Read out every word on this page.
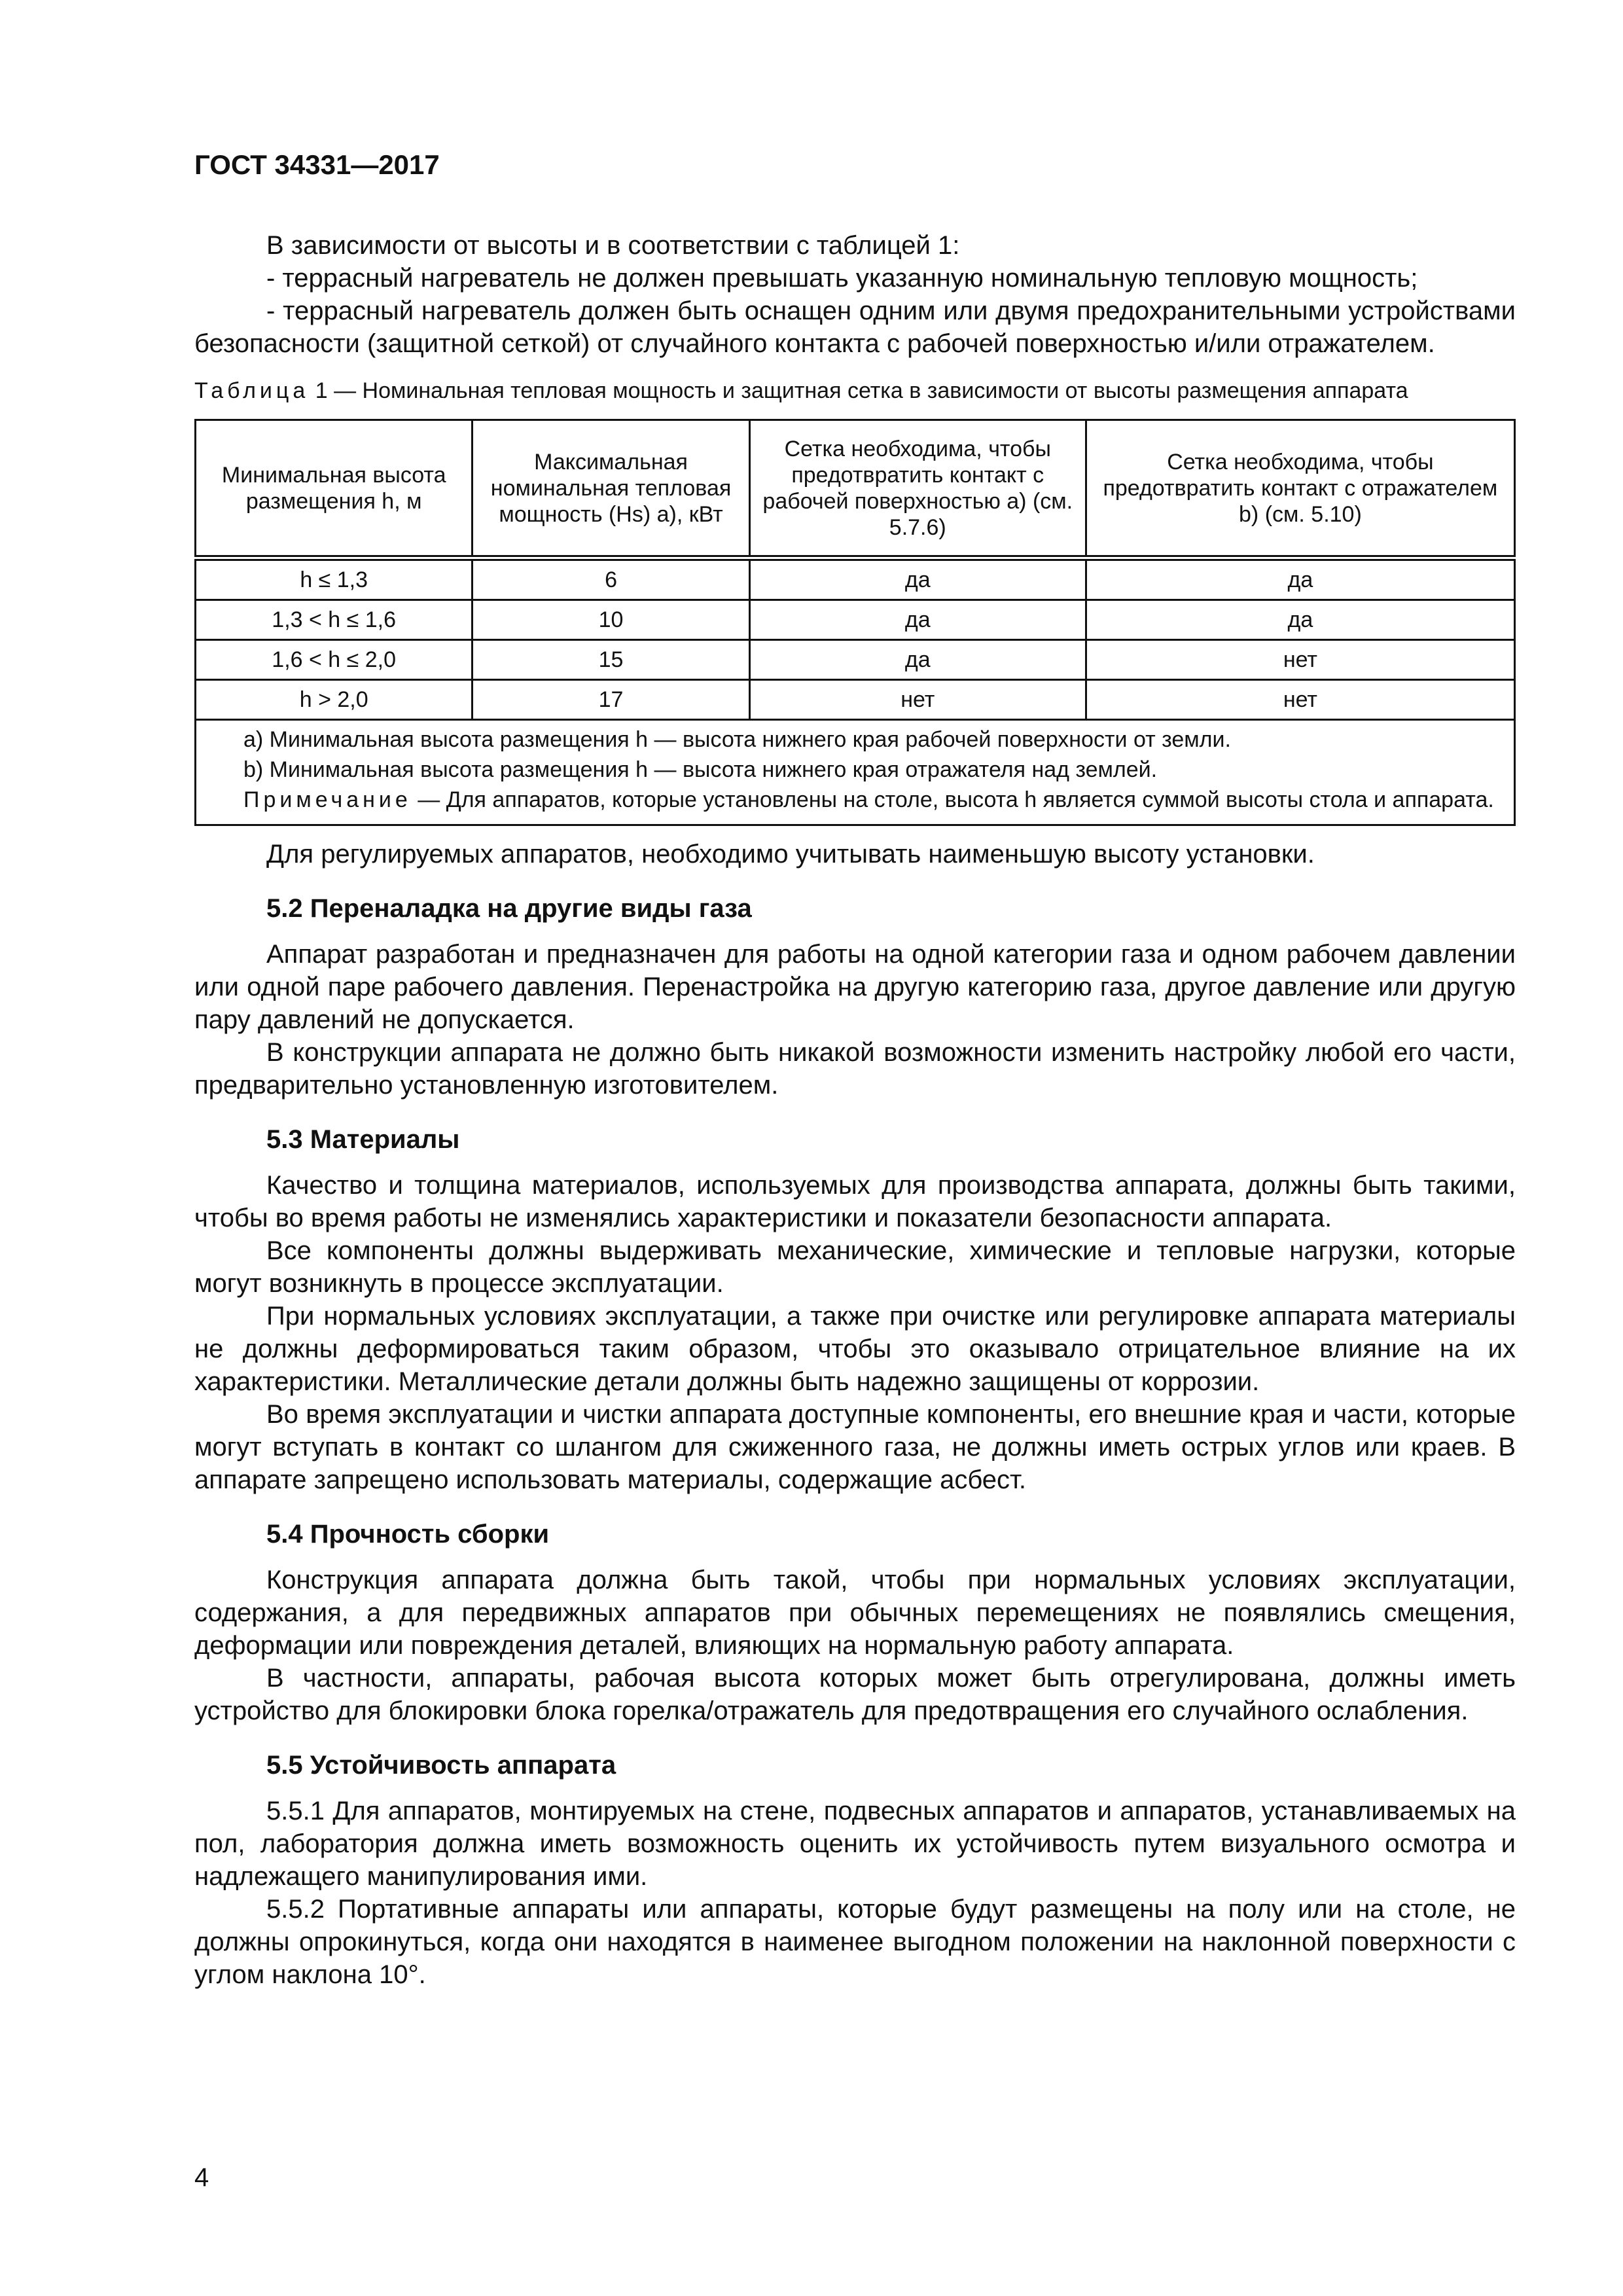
ГОСТ 34331—2017

В зависимости от высоты и в соответствии с таблицей 1:

- террасный нагреватель не должен превышать указанную номинальную тепловую мощность;

- террасный нагреватель должен быть оснащен одним или двумя предохранительными устройствами безопасности (защитной сеткой) от случайного контакта с рабочей поверхностью и/или отражателем.

Таблица 1 — Номинальная тепловая мощность и защитная сетка в зависимости от высоты размещения аппарата

Минимальная высота размещения h, м	Максимальная номинальная тепловая мощность (Hs) a), кВт	Сетка необходима, чтобы предотвратить контакт с рабочей поверхностью a) (см. 5.7.6)	Сетка необходима, чтобы предотвратить контакт с отражателем b) (см. 5.10)
h ≤ 1,3	6	да	да
1,3 < h ≤ 1,6	10	да	да
1,6 < h ≤ 2,0	15	да	нет
h > 2,0	17	нет	нет

a) Минимальная высота размещения h — высота нижнего края рабочей поверхности от земли.
b) Минимальная высота размещения h — высота нижнего края отражателя над землей.
Примечание — Для аппаратов, которые установлены на столе, высота h является суммой высоты стола и аппарата.			

Для регулируемых аппаратов, необходимо учитывать наименьшую высоту установки.

5.2 Переналадка на другие виды газа

Аппарат разработан и предназначен для работы на одной категории газа и одном рабочем давлении или одной паре рабочего давления. Перенастройка на другую категорию газа, другое давление или другую пару давлений не допускается.

В конструкции аппарата не должно быть никакой возможности изменить настройку любой его части, предварительно установленную изготовителем.

5.3 Материалы

Качество и толщина материалов, используемых для производства аппарата, должны быть такими, чтобы во время работы не изменялись характеристики и показатели безопасности аппарата.

Все компоненты должны выдерживать механические, химические и тепловые нагрузки, которые могут возникнуть в процессе эксплуатации.

При нормальных условиях эксплуатации, а также при очистке или регулировке аппарата материалы не должны деформироваться таким образом, чтобы это оказывало отрицательное влияние на их характеристики. Металлические детали должны быть надежно защищены от коррозии.

Во время эксплуатации и чистки аппарата доступные компоненты, его внешние края и части, которые могут вступать в контакт со шлангом для сжиженного газа, не должны иметь острых углов или краев. В аппарате запрещено использовать материалы, содержащие асбест.

5.4 Прочность сборки

Конструкция аппарата должна быть такой, чтобы при нормальных условиях эксплуатации, содержания, а для передвижных аппаратов при обычных перемещениях не появлялись смещения, деформации или повреждения деталей, влияющих на нормальную работу аппарата.

В частности, аппараты, рабочая высота которых может быть отрегулирована, должны иметь устройство для блокировки блока горелка/отражатель для предотвращения его случайного ослабления.

5.5 Устойчивость аппарата

5.5.1 Для аппаратов, монтируемых на стене, подвесных аппаратов и аппаратов, устанавливаемых на пол, лаборатория должна иметь возможность оценить их устойчивость путем визуального осмотра и надлежащего манипулирования ими.

5.5.2 Портативные аппараты или аппараты, которые будут размещены на полу или на столе, не должны опрокинуться, когда они находятся в наименее выгодном положении на наклонной поверхности с углом наклона 10°.

4
